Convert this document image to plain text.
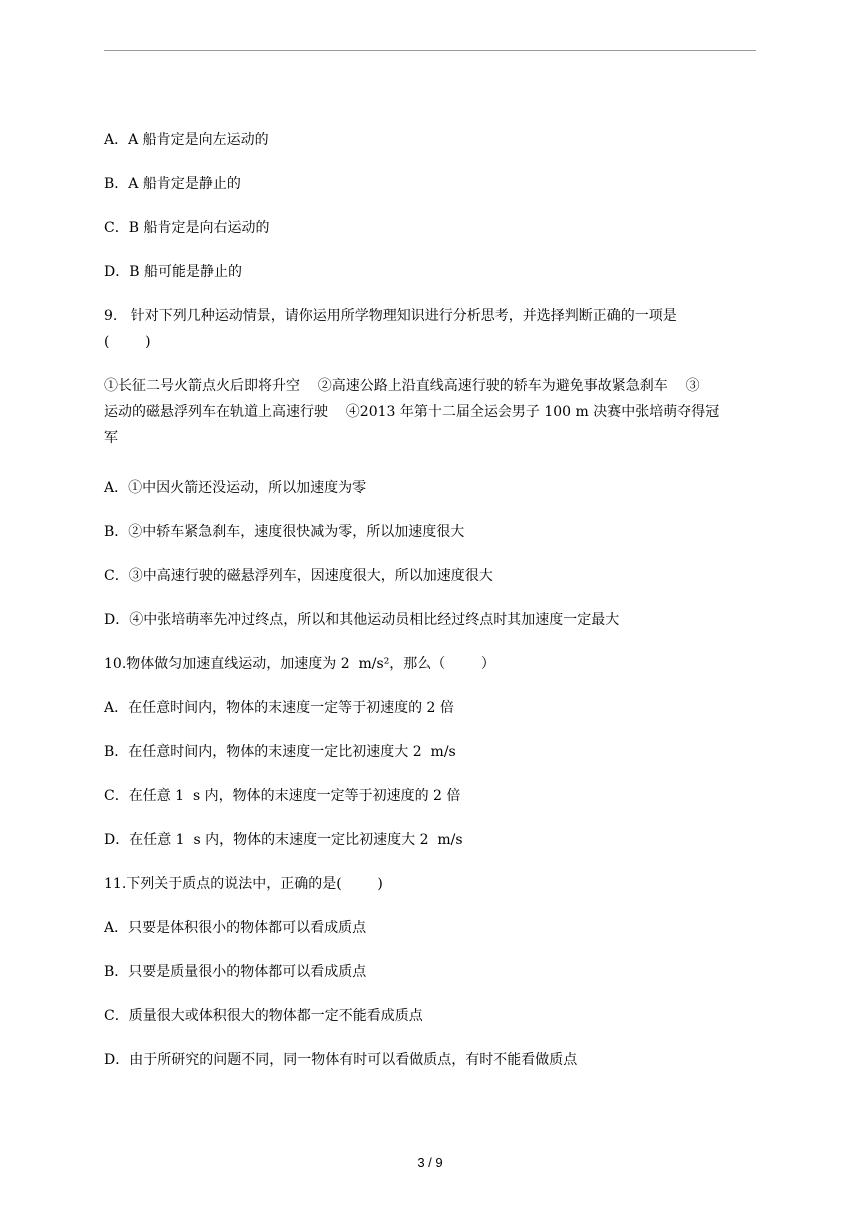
A．A 船肯定是向左运动的
B．A 船肯定是静止的
C．B 船肯定是向右运动的
D．B 船可能是静止的
9.   针对下列几种运动情景，请你运用所学物理知识进行分析思考，并选择判断正确的一项是
(        )
①长征二号火箭点火后即将升空    ②高速公路上沿直线高速行驶的轿车为避免事故紧急刹车    ③
运动的磁悬浮列车在轨道上高速行驶    ④2013 年第十二届全运会男子 100 m 决赛中张培萌夺得冠
军
A．①中因火箭还没运动，所以加速度为零
B．②中轿车紧急刹车，速度很快减为零，所以加速度很大
C．③中高速行驶的磁悬浮列车，因速度很大，所以加速度很大
D．④中张培萌率先冲过终点，所以和其他运动员相比经过终点时其加速度一定最大
10.物体做匀加速直线运动，加速度为 2  m/s²，那么（        ）
A．在任意时间内，物体的末速度一定等于初速度的 2 倍
B．在任意时间内，物体的末速度一定比初速度大 2  m/s
C．在任意 1  s 内，物体的末速度一定等于初速度的 2 倍
D．在任意 1  s 内，物体的末速度一定比初速度大 2  m/s
11.下列关于质点的说法中，正确的是(        )
A．只要是体积很小的物体都可以看成质点
B．只要是质量很小的物体都可以看成质点
C．质量很大或体积很大的物体都一定不能看成质点
D．由于所研究的问题不同，同一物体有时可以看做质点，有时不能看做质点
3 / 9
